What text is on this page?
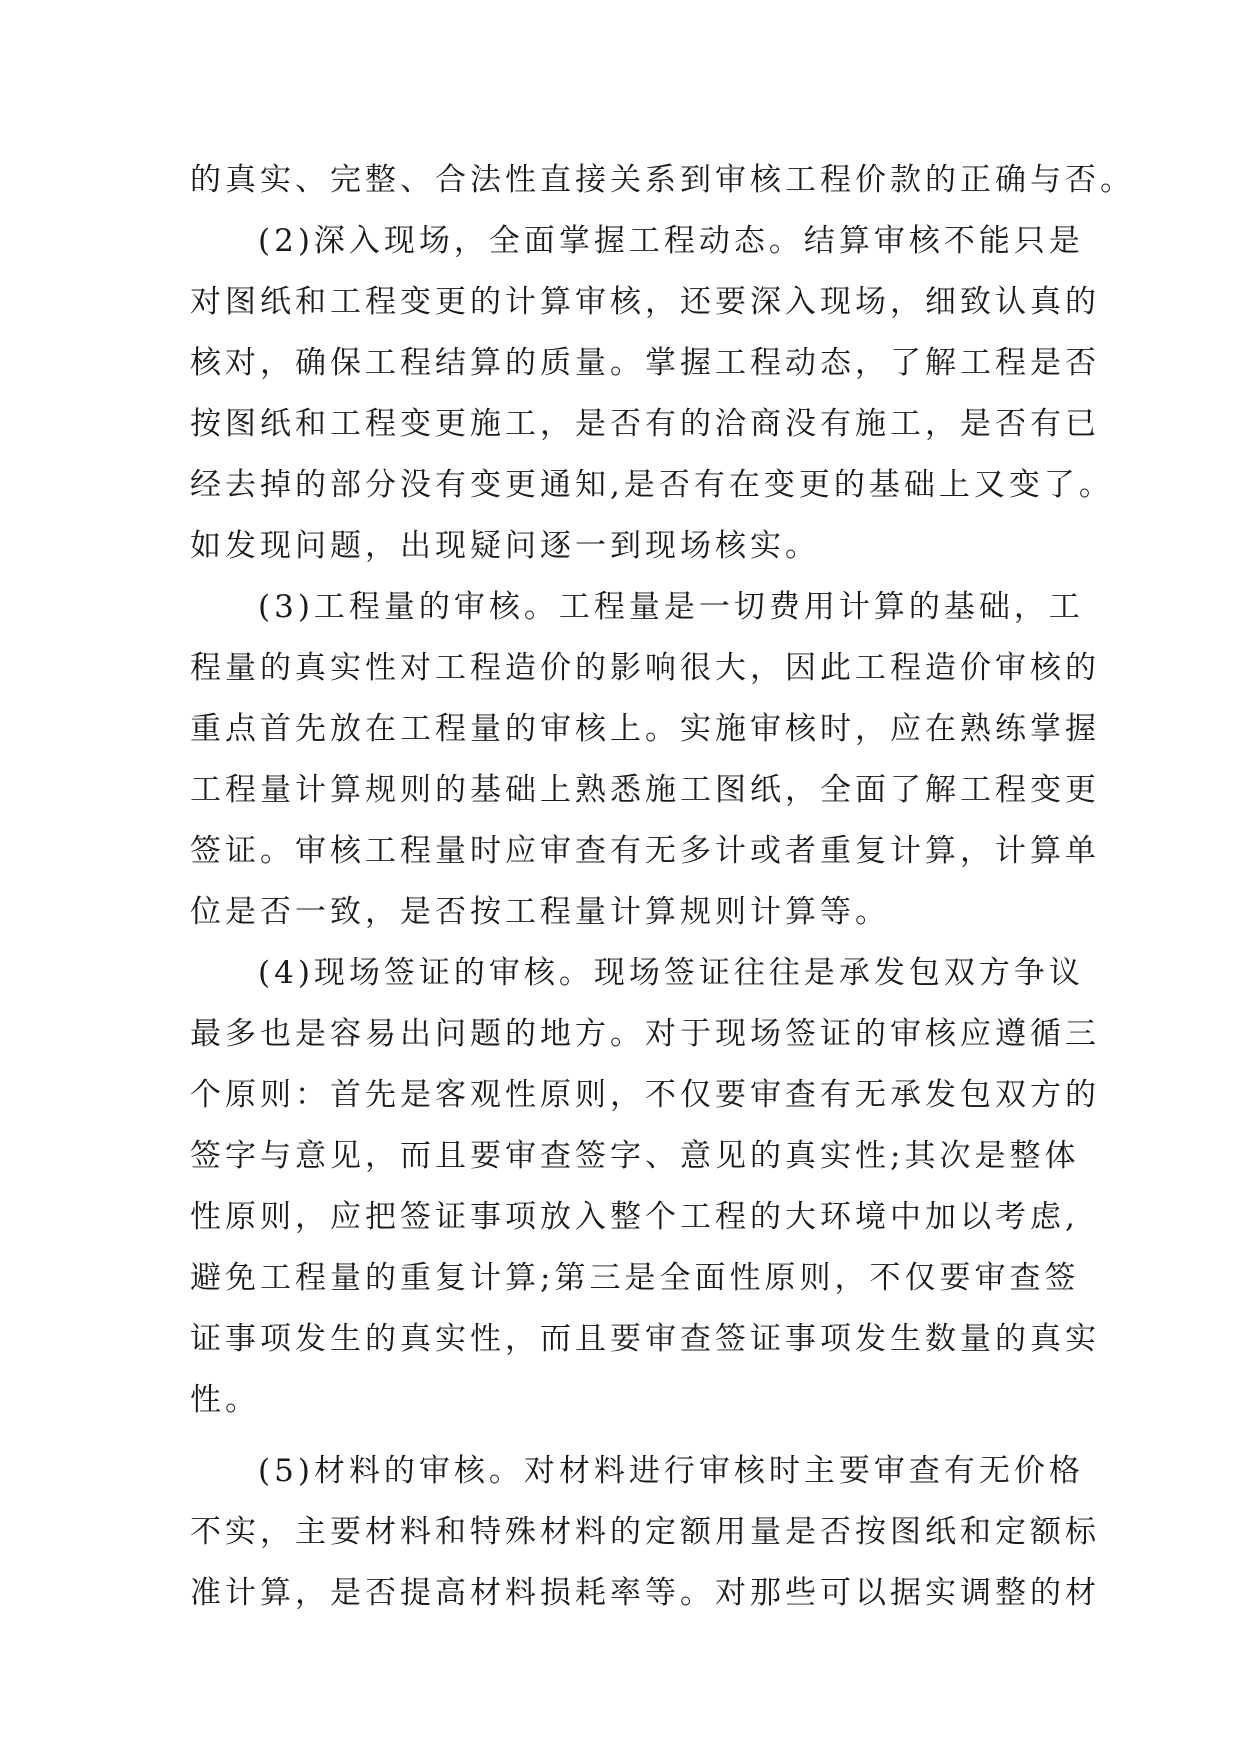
的真实、完整、合法性直接关系到审核工程价款的正确与否。
(2)深入现场，全面掌握工程动态。结算审核不能只是
对图纸和工程变更的计算审核，还要深入现场，细致认真的
核对，确保工程结算的质量。掌握工程动态，了解工程是否
按图纸和工程变更施工，是否有的洽商没有施工，是否有已
经去掉的部分没有变更通知,是否有在变更的基础上又变了。
如发现问题，出现疑问逐一到现场核实。
(3)工程量的审核。工程量是一切费用计算的基础，工
程量的真实性对工程造价的影响很大，因此工程造价审核的
重点首先放在工程量的审核上。实施审核时，应在熟练掌握
工程量计算规则的基础上熟悉施工图纸，全面了解工程变更
签证。审核工程量时应审查有无多计或者重复计算，计算单
位是否一致，是否按工程量计算规则计算等。
(4)现场签证的审核。现场签证往往是承发包双方争议
最多也是容易出问题的地方。对于现场签证的审核应遵循三
个原则：首先是客观性原则，不仅要审查有无承发包双方的
签字与意见，而且要审查签字、意见的真实性;其次是整体
性原则，应把签证事项放入整个工程的大环境中加以考虑,
避免工程量的重复计算;第三是全面性原则，不仅要审查签
证事项发生的真实性，而且要审查签证事项发生数量的真实
性。
(5)材料的审核。对材料进行审核时主要审查有无价格
不实，主要材料和特殊材料的定额用量是否按图纸和定额标
准计算，是否提高材料损耗率等。对那些可以据实调整的材
